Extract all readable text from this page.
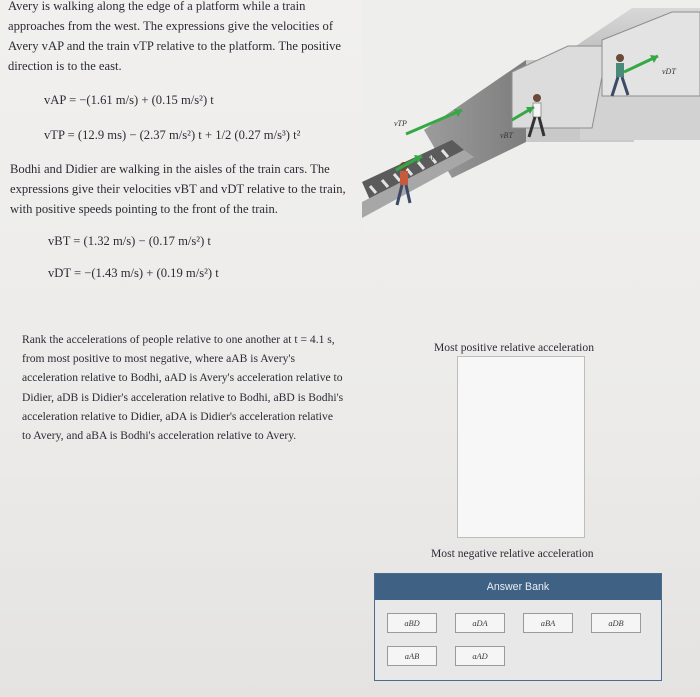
Avery is walking along the edge of a platform while a train approaches from the west. The expressions give the velocities of Avery vAP and the train vTP relative to the platform. The positive direction is to the east.

vAP = −(1.61 m/s) + (0.15 m/s²) t
vTP = (12.9 ms) − (2.37 m/s²) t + 1/2 (0.27 m/s³) t²

Bodhi and Didier are walking in the aisles of the train cars. The expressions give their velocities vBT and vDT relative to the train, with positive speeds pointing to the front of the train.

vBT = (1.32 m/s) − (0.17 m/s²) t
vDT = −(1.43 m/s) + (0.19 m/s²) t

Rank the accelerations of people relative to one another at t = 4.1 s, from most positive to most negative, where aAB is Avery's acceleration relative to Bodhi, aAD is Avery's acceleration relative to Didier, aDB is Didier's acceleration relative to Bodhi, aBD is Bodhi's acceleration relative to Didier, aDA is Didier's acceleration relative to Avery, and aBA is Bodhi's acceleration relative to Avery.

vTP
vBT
vDT
vAP
Most positive relative acceleration
Most negative relative acceleration
Answer Bank
aBD	aDA	aBA	aDB
aAB	aAD
